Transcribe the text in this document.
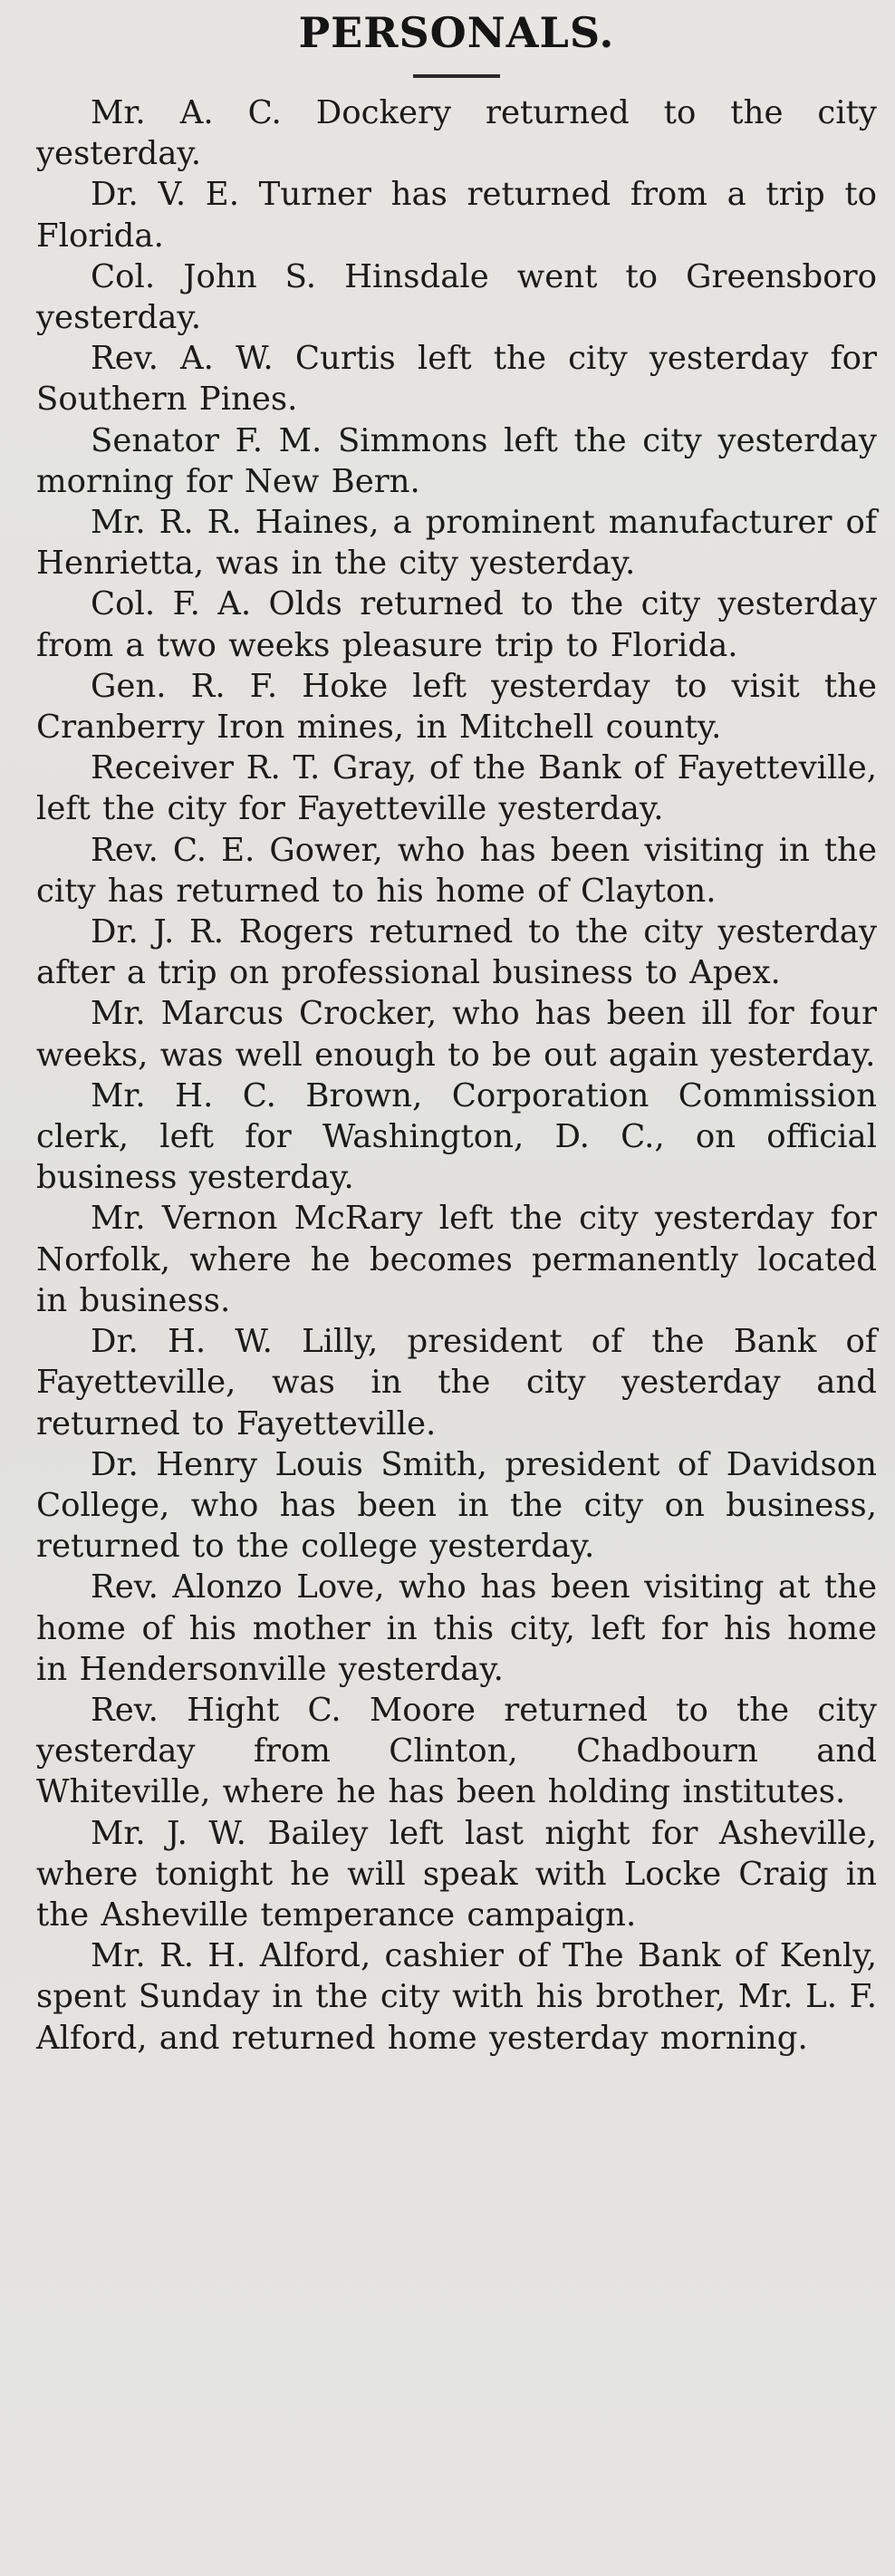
PERSONALS.

Mr. A. C. Dockery returned to the city yesterday.

Dr. V. E. Turner has returned from a trip to Florida.

Col. John S. Hinsdale went to Greensboro yesterday.

Rev. A. W. Curtis left the city yesterday for Southern Pines.

Senator F. M. Simmons left the city yesterday morning for New Bern.

Mr. R. R. Haines, a prominent manufacturer of Henrietta, was in the city yesterday.

Col. F. A. Olds returned to the city yesterday from a two weeks pleasure trip to Florida.

Gen. R. F. Hoke left yesterday to visit the Cranberry Iron mines, in Mitchell county.

Receiver R. T. Gray, of the Bank of Fayetteville, left the city for Fayetteville yesterday.

Rev. C. E. Gower, who has been visiting in the city has returned to his home of Clayton.

Dr. J. R. Rogers returned to the city yesterday after a trip on professional business to Apex.

Mr. Marcus Crocker, who has been ill for four weeks, was well enough to be out again yesterday.

Mr. H. C. Brown, Corporation Commission clerk, left for Washington, D. C., on official business yesterday.

Mr. Vernon McRary left the city yesterday for Norfolk, where he becomes permanently located in business.

Dr. H. W. Lilly, president of the Bank of Fayetteville, was in the city yesterday and returned to Fayetteville.

Dr. Henry Louis Smith, president of Davidson College, who has been in the city on business, returned to the college yesterday.

Rev. Alonzo Love, who has been visiting at the home of his mother in this city, left for his home in Hendersonville yesterday.

Rev. Hight C. Moore returned to the city yesterday from Clinton, Chadbourn and Whiteville, where he has been holding institutes.

Mr. J. W. Bailey left last night for Asheville, where tonight he will speak with Locke Craig in the Asheville temperance campaign.

Mr. R. H. Alford, cashier of The Bank of Kenly, spent Sunday in the city with his brother, Mr. L. F. Alford, and returned home yesterday morning.
